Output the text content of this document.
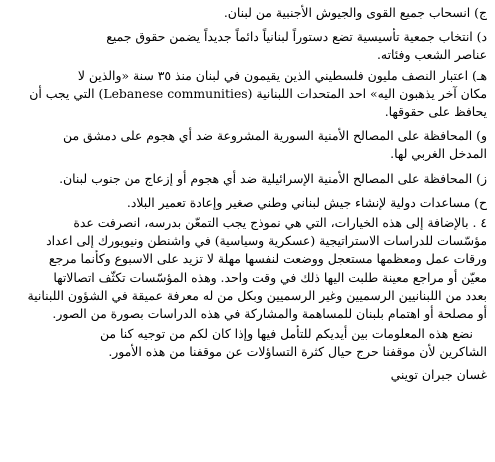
ج) انسحاب جميع القوى والجيوش الأجنبية من لبنان.
د) انتخاب جمعية تأسيسية تضع دستوراً لبنانياً دائماً جديداً يضمن حقوق جميع
عناصر الشعب وفئاته.
هـ) اعتبار النصف مليون فلسطيني الذين يقيمون في لبنان منذ ٣٥ سنة «والذين لا
مكان آخر يذهبون اليه» احد المتحدات اللبنانية (Lebanese communities) التي يجب أن
يحافظ على حقوقها.
و) المحافظة على المصالح الأمنية السورية المشروعة ضد أي هجوم على دمشق من
المدخل الغربي لها.
ز) المحافظة على المصالح الأمنية الإسرائيلية ضد أي هجوم أو إزعاج من جنوب لبنان.
ح) مساعدات دولية لإنشاء جيش لبناني وطني صغير وإعادة تعمير البلاد.
٤ . بالإضافة إلى هذه الخيارات، التي هي نموذج يجب التمعّن بدرسه، انصرفت عدة
مؤسّسات للدراسات الاستراتيجية (عسكرية وسياسية) في واشنطن ونيويورك إلى اعداد
ورقات عمل ومعظمها مستعجل ووضعت لنفسها مهلة لا تزيد على الاسبوع وكأنما مرجع
معيّن أو مراجع معينة طلبت اليها ذلك في وقت واحد. وهذه المؤسّسات تكثّف اتصالاتها
بعدد من اللبنانيين الرسميين وغير الرسميين وبكل من له معرفة عميقة في الشؤون اللبنانية
أو مصلحة أو اهتمام بلبنان للمساهمة والمشاركة في هذه الدراسات بصورة من الصور.
نضع هذه المعلومات بين أيديكم للتأمل فيها وإذا كان لكم من توجيه كنا من
الشاكرين لأن موقفنا حرج حيال كثرة التساؤلات عن موقفنا من هذه الأمور.
غسان جبران تويني
